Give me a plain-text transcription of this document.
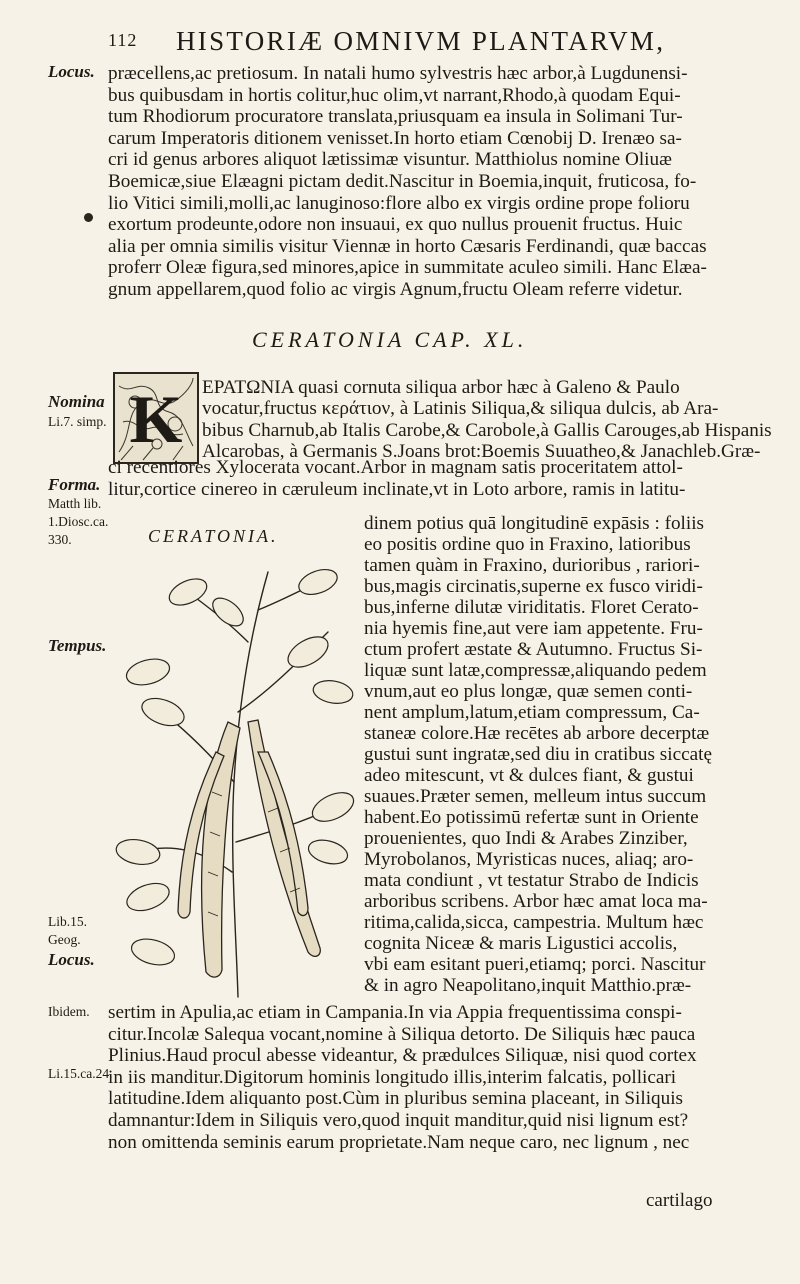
112 HISTORIÆ OMNIVM PLANTARVM,
Locus.
Nomina
Li.7. simp.
Forma.
Matth lib.
1.Diosc.ca.
330.
Tempus.
Lib.15.
Geog.
Locus.
Ibidem.
Li.15.ca.24.
præcellens,ac pretiosum. In natali humo sylvestris hæc arbor,à Lugdunensi-
bus quibusdam in hortis colitur,huc olim,vt narrant,Rhodo,à quodam Equi-
tum Rhodiorum procuratore translata,priusquam ea insula in Solimani Tur-
carum Imperatoris ditionem venisset.In horto etiam Cœnobij D. Irenæo sa-
cri id genus arbores aliquot lætissimæ visuntur. Matthiolus nomine Oliuæ
Boemicæ,siue Elæagni pictam dedit.Nascitur in Boemia,inquit, fruticosa, fo-
lio Vitici simili,molli,ac lanuginoso:flore albo ex virgis ordine prope folioru
exortum prodeunte,odore non insuaui, ex quo nullus prouenit fructus. Huic
alia per omnia similis visitur Viennæ in horto Cæsaris Ferdinandi, quæ baccas
proferr Oleæ figura,sed minores,apice in summitate aculeo simili. Hanc Elæa-
gnum appellarem,quod folio ac virgis Agnum,fructu Oleam referre videtur.
CERATONIA CAP. XL.
K EPATΩNIA quasi cornuta siliqua arbor hæc à Galeno & Paulo
vocatur,fructus κεράτιον, à Latinis Siliqua,& siliqua dulcis, ab Ara-
bibus Charnub,ab Italis Carobe,& Carobole,à Gallis Carouges,ab Hispanis
Alcarobas, à Germanis S.Joans brot:Boemis Suuatheo,& Janachleb.Græ-
ci recentiores Xylocerata vocant.Arbor in magnam satis proceritatem attol-
litur,cortice cinereo in cæruleum inclinate,vt in Loto arbore, ramis in latitu-
CERATONIA.
dinem potius quā longitudinē expāsis : foliis
eo positis ordine quo in Fraxino, latioribus
tamen quàm in Fraxino, durioribus , rariori-
bus,magis circinatis,superne ex fusco viridi-
bus,inferne dilutæ viriditatis. Floret Cerato-
nia hyemis fine,aut vere iam appetente. Fru-
ctum profert æstate & Autumno. Fructus Si-
liquæ sunt latæ,compressæ,aliquando pedem
vnum,aut eo plus longæ, quæ semen conti-
nent amplum,latum,etiam compressum, Ca-
staneæ colore.Hæ recētes ab arbore decerptæ
gustui sunt ingratæ,sed diu in cratibus siccatę
adeo mitescunt, vt & dulces fiant, & gustui
suaues.Præter semen, melleum intus succum
habent.Eo potissimū refertæ sunt in Oriente
prouenientes, quo Indi & Arabes Zinziber,
Myrobolanos, Myristicas nuces, aliaq; aro-
mata condiunt , vt testatur Strabo de Indicis
arboribus scribens. Arbor hæc amat loca ma-
ritima,calida,sicca, campestria. Multum hæc
cognita Niceæ & maris Ligustici accolis,
vbi eam esitant pueri,etiamq; porci. Nascitur
& in agro Neapolitano,inquit Matthio.præ-
sertim in Apulia,ac etiam in Campania.In via Appia frequentissima conspi-
citur.Incolæ Salequa vocant,nomine à Siliqua detorto. De Siliquis hæc pauca
Plinius.Haud procul abesse videantur, & prædulces Siliquæ, nisi quod cortex
in iis manditur.Digitorum hominis longitudo illis,interim falcatis, pollicari
latitudine.Idem aliquanto post.Cùm in pluribus semina placeant, in Siliquis
damnantur:Idem in Siliquis vero,quod inquit manditur,quid nisi lignum est?
non omittenda seminis earum proprietate.Nam neque caro, nec lignum , nec
cartilago
